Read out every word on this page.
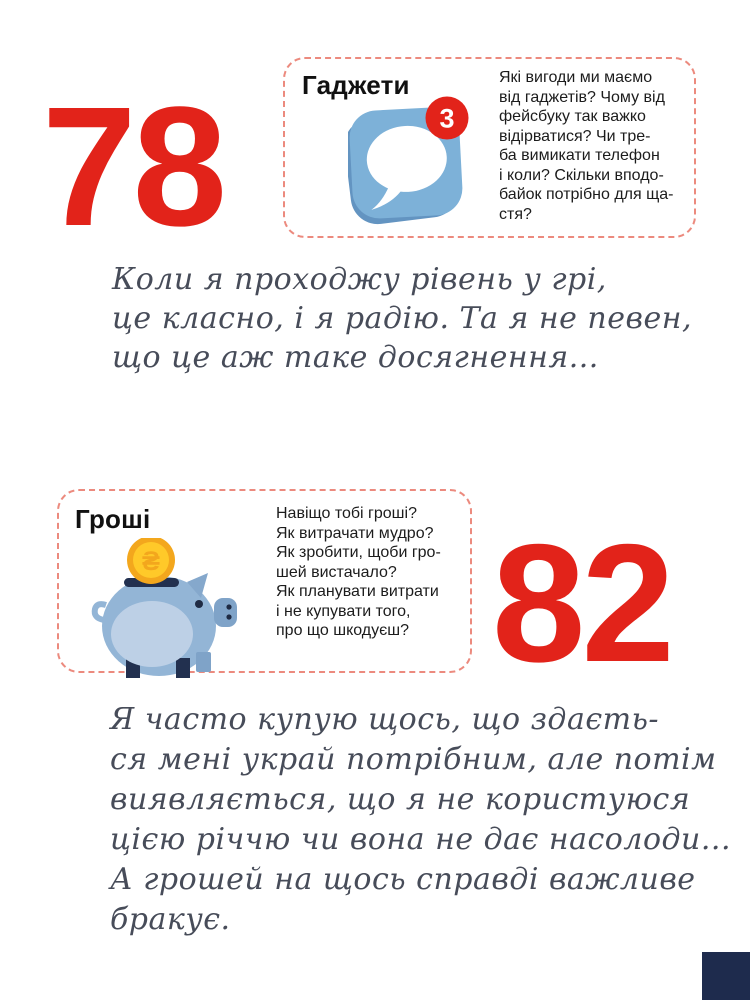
78	Гаджети
3
Які вигоди ми маємо
від гаджетів? Чому від
фейсбуку так важко
відірватися? Чи тре-
ба вимикати телефон
і коли? Скільки вподо-
байок потрібно для ща-
стя?
Коли я проходжу рівень у грі,
це класно, і я радію. Та я не певен,
що це аж таке досягнення...
Гроші
₴
Навіщо тобі гроші?
Як витрачати мудро?
Як зробити, щоби гро-
шей вистачало?
Як планувати витрати
і не купувати того,
про що шкодуєш? 82
Я часто купую щось, що здаєть-
ся мені украй потрібним, але потім
виявляється, що я не користуюся
цією річчю чи вона не дає насолоди...
А грошей на щось справді важливе
бракує.
